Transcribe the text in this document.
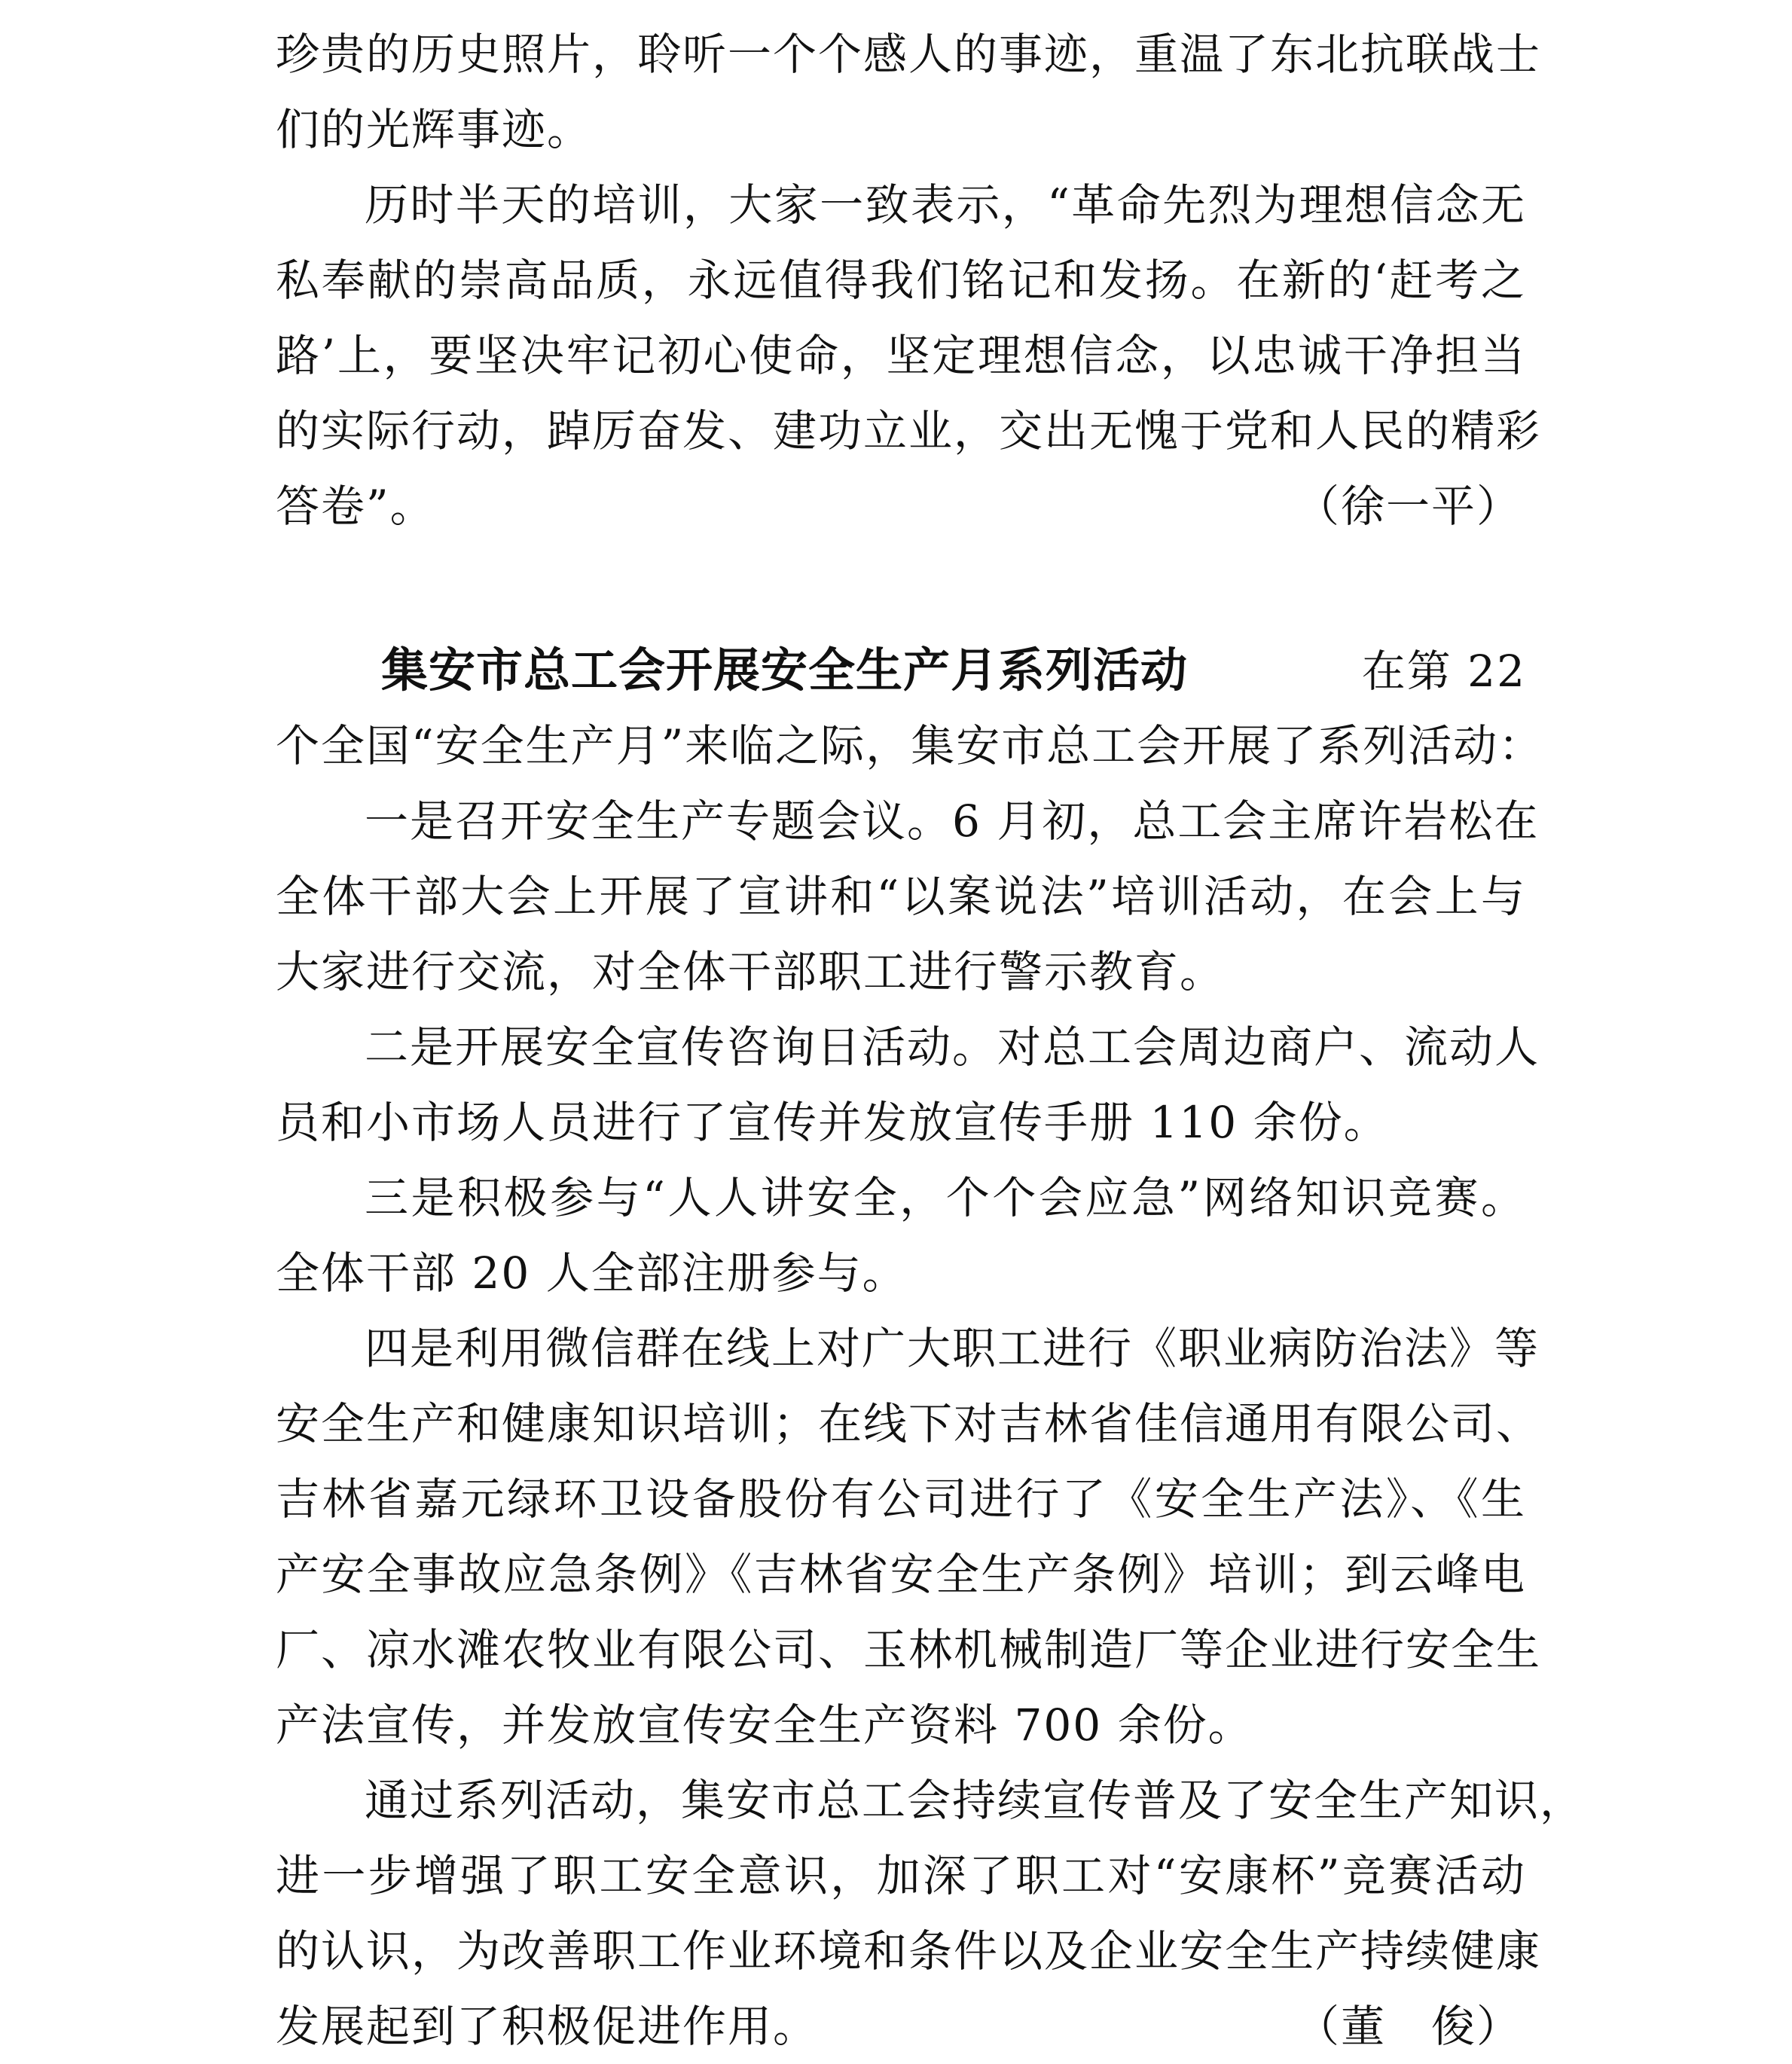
珍贵的历史照片，聆听一个个感人的事迹，重温了东北抗联战士
们的光辉事迹。
历时半天的培训，大家一致表示，“革命先烈为理想信念无
私奉献的崇高品质，永远值得我们铭记和发扬。在新的‘赶考之
路’上，要坚决牢记初心使命，坚定理想信念，以忠诚干净担当
的实际行动，踔厉奋发、建功立业，交出无愧于党和人民的精彩
答卷”。	（徐一平）
集安市总工会开展安全生产月系列活动	在第 22
个全国“安全生产月”来临之际，集安市总工会开展了系列活动：
一是召开安全生产专题会议。6 月初，总工会主席许岩松在
全体干部大会上开展了宣讲和“以案说法”培训活动，在会上与
大家进行交流，对全体干部职工进行警示教育。
二是开展安全宣传咨询日活动。对总工会周边商户、流动人
员和小市场人员进行了宣传并发放宣传手册 110 余份。
三是积极参与“人人讲安全，个个会应急”网络知识竞赛。
全体干部 20 人全部注册参与。
四是利用微信群在线上对广大职工进行《职业病防治法》等
安全生产和健康知识培训；在线下对吉林省佳信通用有限公司、
吉林省嘉元绿环卫设备股份有公司进行了《安全生产法》、《生
产安全事故应急条例》《吉林省安全生产条例》培训；到云峰电
厂、凉水滩农牧业有限公司、玉林机械制造厂等企业进行安全生
产法宣传，并发放宣传安全生产资料 700 余份。
通过系列活动，集安市总工会持续宣传普及了安全生产知识，
进一步增强了职工安全意识，加深了职工对“安康杯”竞赛活动
的认识，为改善职工作业环境和条件以及企业安全生产持续健康
发展起到了积极促进作用。	（董　俊）
